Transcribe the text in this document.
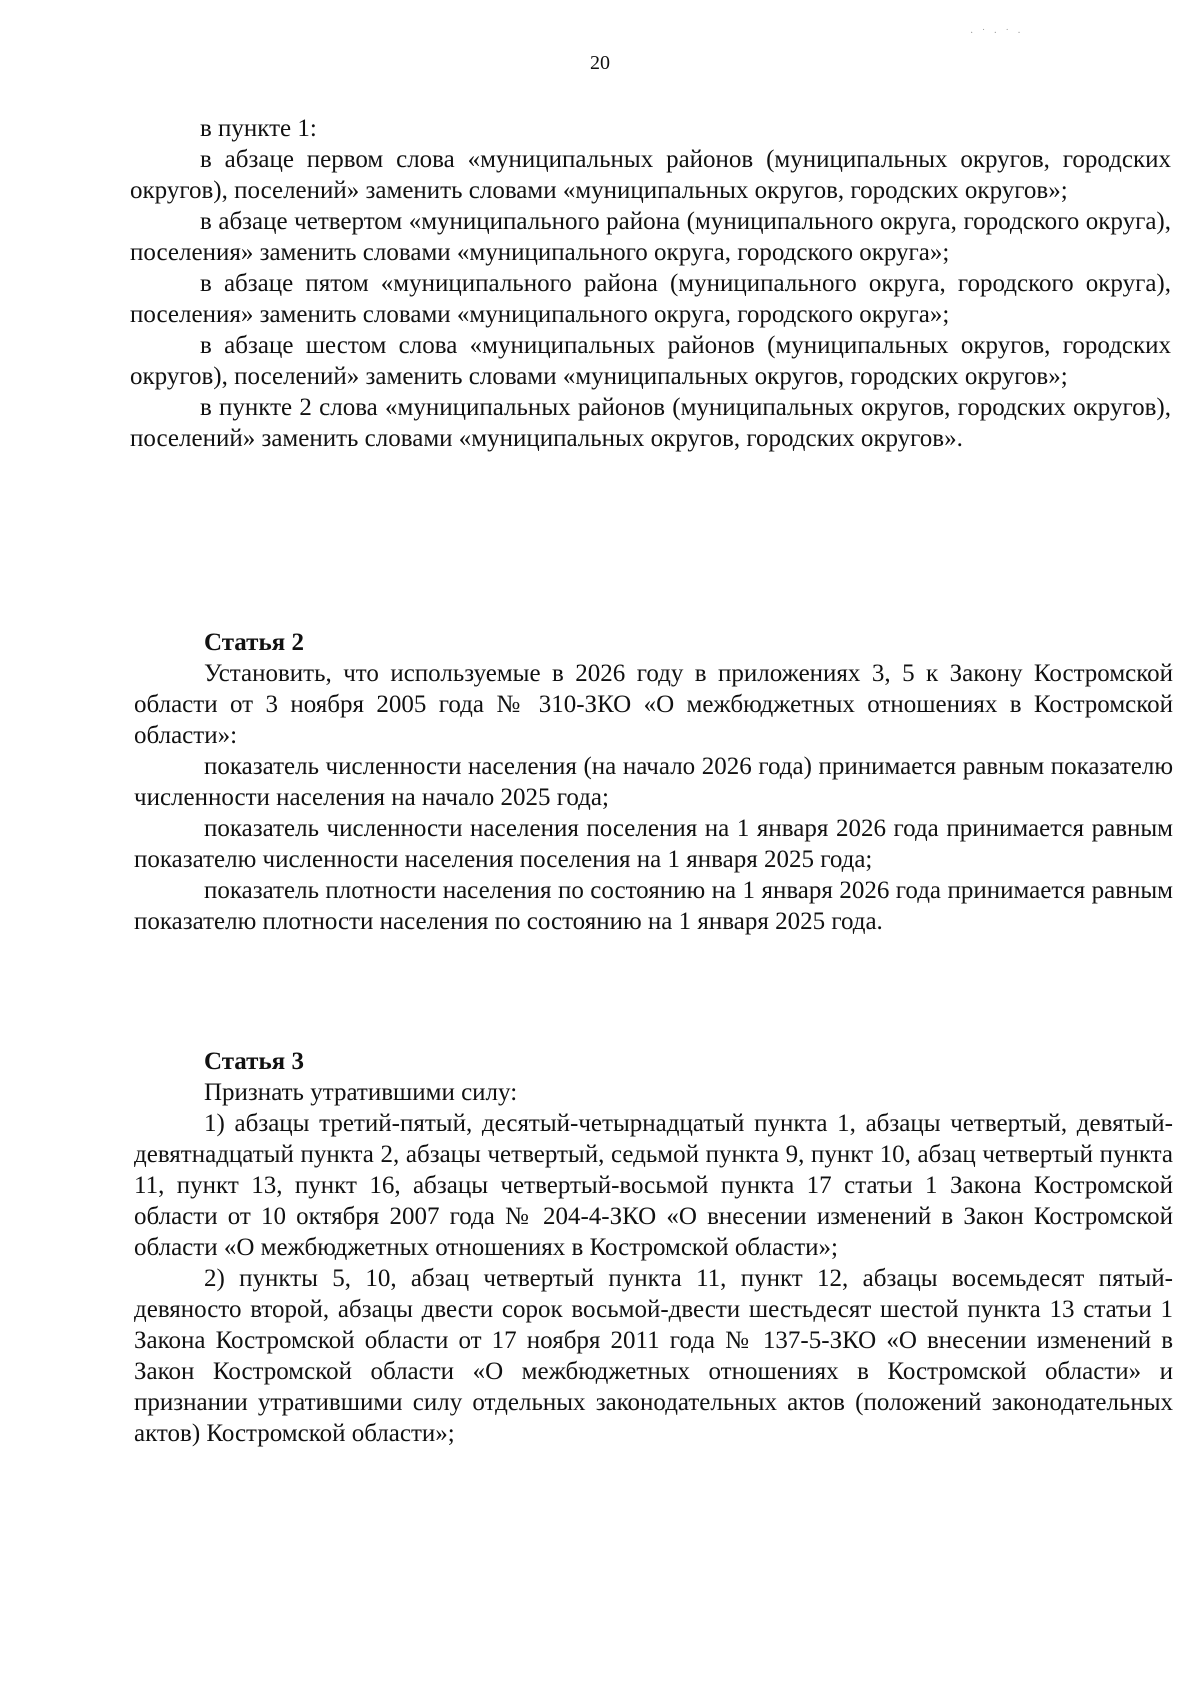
· ˙ · ˙ ·
20

в пункте 1:

в абзаце первом слова «муниципальных районов (муниципальных округов, городских округов), поселений» заменить словами «муниципальных округов, городских округов»;

в абзаце четвертом «муниципального района (муниципального округа, городского округа), поселения» заменить словами «муниципального округа, городского округа»;

в абзаце пятом «муниципального района (муниципального округа, городского округа), поселения» заменить словами «муниципального округа, городского округа»;

в абзаце шестом слова «муниципальных районов (муниципальных округов, городских округов), поселений» заменить словами «муниципальных округов, городских округов»;

в пункте 2 слова «муниципальных районов (муниципальных округов, городских округов), поселений» заменить словами «муниципальных округов, городских округов».

Статья 2

Установить, что используемые в 2026 году в приложениях 3, 5 к Закону Костромской области от 3 ноября 2005 года № 310-ЗКО «О межбюджетных отношениях в Костромской области»:

показатель численности населения (на начало 2026 года) принимается равным показателю численности населения на начало 2025 года;

показатель численности населения поселения на 1 января 2026 года принимается равным показателю численности населения поселения на 1 января 2025 года;

показатель плотности населения по состоянию на 1 января 2026 года принимается равным показателю плотности населения по состоянию на 1 января 2025 года.

Статья 3

Признать утратившими силу:

1) абзацы третий-пятый, десятый-четырнадцатый пункта 1, абзацы четвертый, девятый-девятнадцатый пункта 2, абзацы четвертый, седьмой пункта 9, пункт 10, абзац четвертый пункта 11, пункт 13, пункт 16, абзацы четвертый-восьмой пункта 17 статьи 1 Закона Костромской области от 10 октября 2007 года № 204-4-ЗКО «О внесении изменений в Закон Костромской области «О межбюджетных отношениях в Костромской области»;

2) пункты 5, 10, абзац четвертый пункта 11, пункт 12, абзацы восемьдесят пятый-девяносто второй, абзацы двести сорок восьмой-двести шестьдесят шестой пункта 13 статьи 1 Закона Костромской области от 17 ноября 2011 года № 137-5-ЗКО «О внесении изменений в Закон Костромской области «О межбюджетных отношениях в Костромской области» и признании утратившими силу отдельных законодательных актов (положений законодательных актов) Костромской области»;
